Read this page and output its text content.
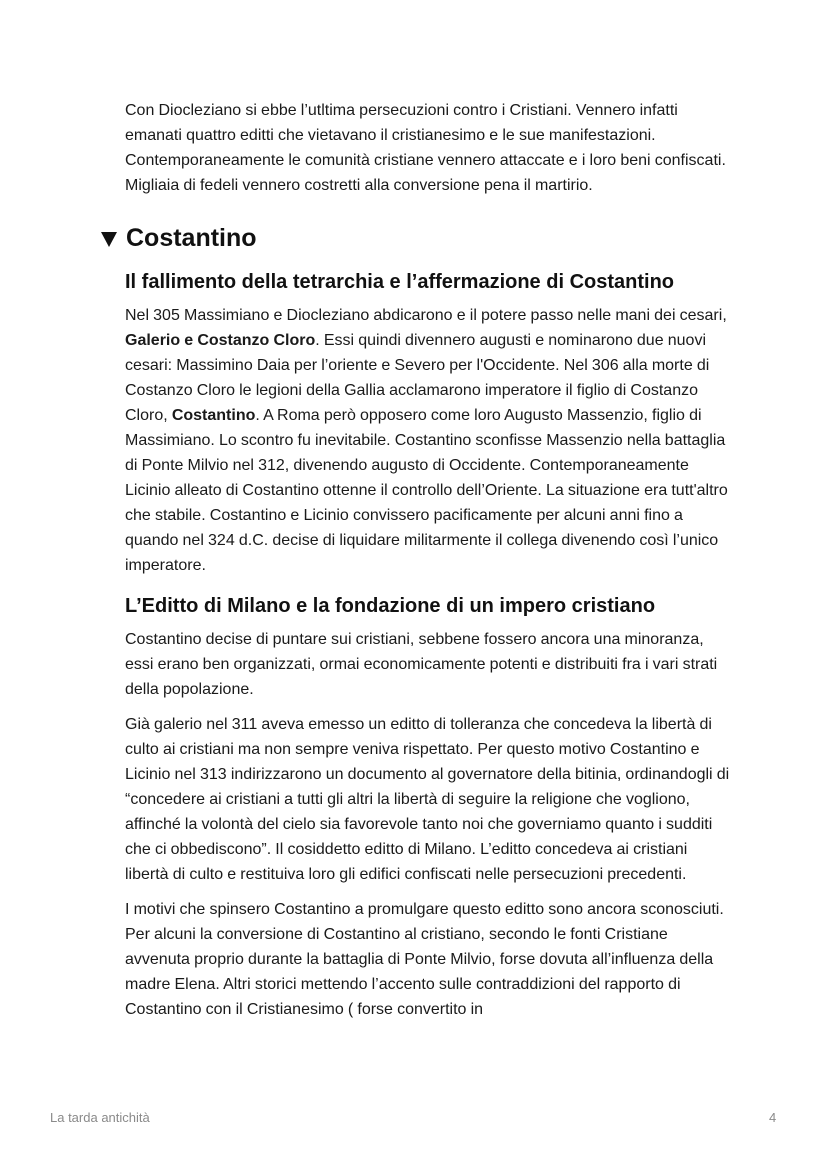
Con Diocleziano si ebbe l’utltima persecuzioni contro i Cristiani. Vennero infatti emanati quattro editti che vietavano il cristianesimo e le sue manifestazioni. Contemporaneamente le comunità cristiane vennero attaccate e i loro beni confiscati. Migliaia di fedeli vennero costretti alla conversione pena il martirio.

Costantino
Il fallimento della tetrarchia e l’affermazione di Costantino

Nel 305 Massimiano e Diocleziano abdicarono e il potere passo nelle mani dei cesari, Galerio e Costanzo Cloro. Essi quindi divennero augusti e nominarono due nuovi cesari: Massimino Daia per l’oriente e Severo per l'Occidente. Nel 306 alla morte di Costanzo Cloro le legioni della Gallia acclamarono imperatore il figlio di Costanzo Cloro, Costantino. A Roma però opposero come loro Augusto Massenzio, figlio di Massimiano. Lo scontro fu inevitabile. Costantino sconfisse Massenzio nella battaglia di Ponte Milvio nel 312, divenendo augusto di Occidente. Contemporaneamente Licinio alleato di Costantino ottenne il controllo dell’Oriente. La situazione era tutt'altro che stabile. Costantino e Licinio convissero pacificamente per alcuni anni fino a quando nel 324 d.C. decise di liquidare militarmente il collega divenendo così l’unico imperatore.

L’Editto di Milano e la fondazione di un impero cristiano

Costantino decise di puntare sui cristiani, sebbene fossero ancora una minoranza, essi erano ben organizzati, ormai economicamente potenti e distribuiti fra i vari strati della popolazione.

Già galerio nel 311 aveva emesso un editto di tolleranza che concedeva la libertà di culto ai cristiani ma non sempre veniva rispettato. Per questo motivo Costantino e Licinio nel 313 indirizzarono un documento al governatore della bitinia, ordinandogli di “concedere ai cristiani a tutti gli altri la libertà di seguire la religione che vogliono, affinché la volontà del cielo sia favorevole tanto noi che governiamo quanto i sudditi che ci obbediscono”. Il cosiddetto editto di Milano. L’editto concedeva ai cristiani libertà di culto e restituiva loro gli edifici confiscati nelle persecuzioni precedenti.

I motivi che spinsero Costantino a promulgare questo editto sono ancora sconosciuti. Per alcuni la conversione di Costantino al cristiano, secondo le fonti Cristiane avvenuta proprio durante la battaglia di Ponte Milvio, forse dovuta all’influenza della madre Elena. Altri storici mettendo l’accento sulle contraddizioni del rapporto di Costantino con il Cristianesimo ( forse convertito in

La tarda antichità	4
